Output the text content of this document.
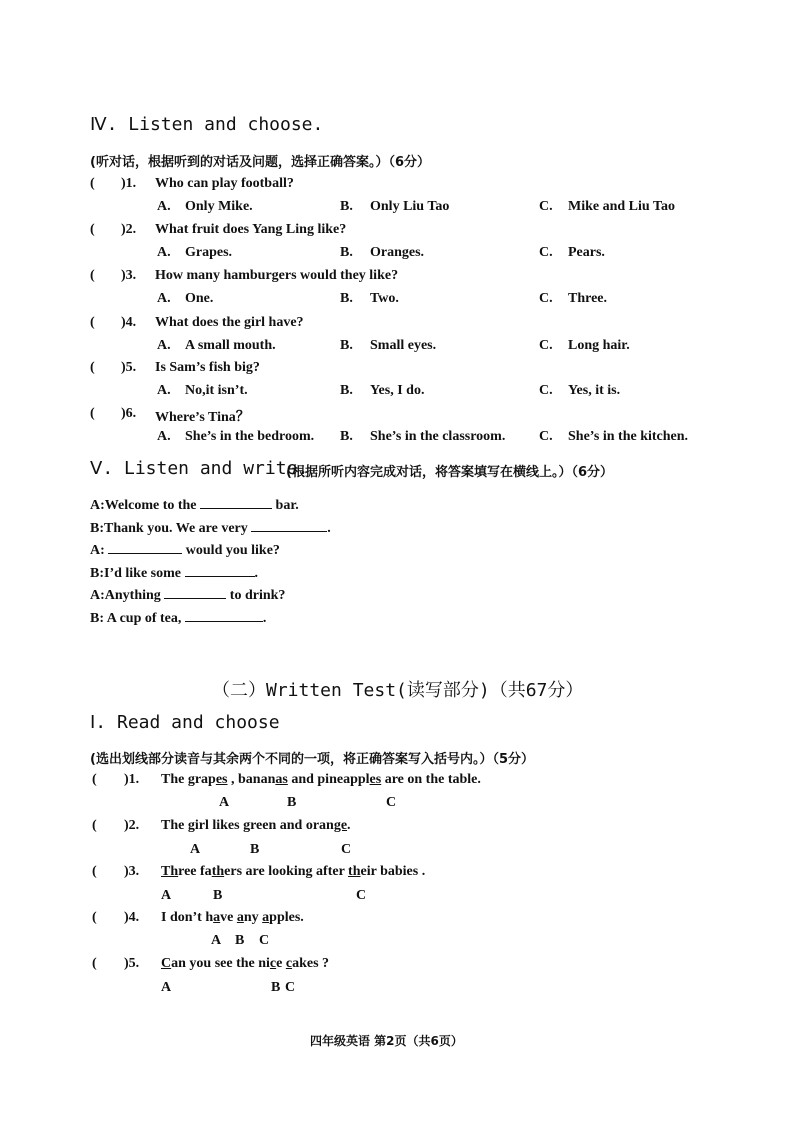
Ⅳ. Listen and choose.
(听对话，根据听到的对话及问题，选择正确答案。）（6分）
( )1. Who can play football?
A. Only Mike.	B. Only Liu Tao	C. Mike and Liu Tao
( )2. What fruit does Yang Ling like?
A. Grapes.	B. Oranges.	C. Pears.
( )3. How many hamburgers would they like?
A. One.	B. Two.	C. Three.
( )4. What does the girl have?
A. A small mouth.	B. Small eyes.	C. Long hair.
( )5. Is Sam’s fish big?
A. No,it isn’t.	B. Yes, I do.	C. Yes, it is.
( )6. Where’s Tina？
A. She’s in the bedroom. B. She’s in the classroom. C. She’s in the kitchen.
Ⅴ. Listen and write.
(根据所听内容完成对话，将答案填写在横线上。）（6分）
A:Welcome to the	bar.
B:Thank you. We are very	.
A:	would you like?
B:I’d like some	.
A:Anything	to drink?
B: A cup of tea,	.
（二）Written Test(读写部分)（共67分）
Ⅰ. Read and choose
(选出划线部分读音与其余两个不同的一项，将正确答案写入括号内。）（5分）
( )1. The grapes , bananas and pineapples are on the table.
A	B	C
( )2. The girl likes green and orange.
A	B	C
( )3. Three fathers are looking after their babies .
A	B	C
( )4. I don’t have any apples.
A B C
( )5. Can you see the nice cakes ?
A	B C
四年级英语 第2页（共6页）
